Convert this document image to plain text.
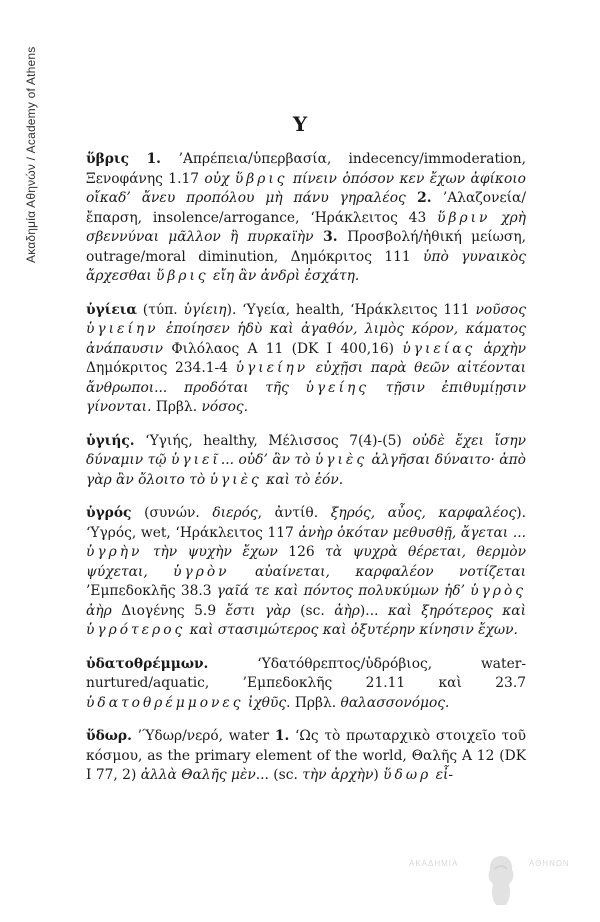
Ακαδημία Αθηνών / Academy of Athens	Υ

ὕβρις 1. ’Απρέπεια/ὑπερβασία, indecency/immoderation, Ξενοφάνης 1.17 οὐχ ὕβρις πίνειν ὁπόσον κεν ἔχων ἀφίκοιο οἴκαδ’ ἄνευ προπόλου μὴ πάνυ γηραλέος 2. ’Αλαζονεία/ἔπαρση, insolence/arrogance, ‘Ηράκλειτος 43 ὕβριν χρὴ σβεννύναι μᾶλλον ἢ πυρκαϊὴν 3. Προσβολή/ἠθική μείωση, outrage/moral diminution, Δημόκριτος 111 ὑπὸ γυναικὸς ἄρχεσθαι ὕβρις εἴη ἂν ἀνδρὶ ἐσχάτη.

ὑγίεια (τύπ. ὑγίειη). ‘Υγεία, health, ‘Ηράκλειτος 111 νοῦσος ὑγιείην ἐποίησεν ἡδὺ καὶ ἀγαθόν, λιμὸς κόρον, κάματος ἀνάπαυσιν Φιλόλαος A 11 (DK I 400,16) ὑγιείας ἀρχὴν Δημόκριτος 234.1-4 ὑγιείην εὐχῇσι παρὰ θεῶν αἰτέονται ἄνθρωποι... προδόται τῆς ὑγείης τῇσιν ἐπιθυμίῃσιν γίνονται. Πρβλ. νόσος.

ὑγιής. ‘Υγιής, healthy, Μέλισσος 7(4)-(5) οὐδὲ ἔχει ἴσην δύναμιν τῷ ὑγιεῖ... οὐδ’ ἂν τὸ ὑγιὲς ἀλγῆσαι δύναιτο· ἀπὸ γὰρ ἂν ὄλοιτο τὸ ὑγιὲς καὶ τὸ ἐόν.

ὑγρός (συνών. διερός, ἀντίθ. ξηρός, αὖος, καρφαλέος). ‘Υγρός, wet, ‘Ηράκλειτος 117 ἀνὴρ ὁκόταν μεθυσθῇ, ἄγεται ... ὑγρὴν τὴν ψυχὴν ἔχων 126 τὰ ψυχρὰ θέρεται, θερμὸν ψύχεται, ὑγρὸν αὐαίνεται, καρφαλέον νοτίζεται ’Εμπεδοκλῆς 38.3 γαῖά τε καὶ πόντος πολυκύμων ἠδ’ ὑγρὸς ἀὴρ Διογένης 5.9 ἔστι γὰρ (sc. ἀὴρ)... καὶ ξηρότερος καὶ ὑγρότερος καὶ στασιμώτερος καὶ ὀξυτέρην κίνησιν ἔχων.

ὑδατοθρέμμων. ‘Υδατόθρεπτος/ὑδρόβιος, water-nurtured/aquatic, ’Εμπεδοκλῆς 21.11 καὶ 23.7 ὑδατοθρέμμονες ἰχθῦς. Πρβλ. θαλασσονόμος.

ὕδωρ. ’Ύδωρ/νερό, water 1. ‘Ως τὸ πρωταρχικὸ στοιχεῖο τοῦ κόσμου, as the primary element of the world, Θαλῆς A 12 (DK I 77, 2) ἀλλὰ Θαλῆς μὲν... (sc. τὴν ἀρχὴν) ὕδωρ εἶ-

ΑΚΑΔΗΜΙΑ	ΑΘΗΝΩΝ
